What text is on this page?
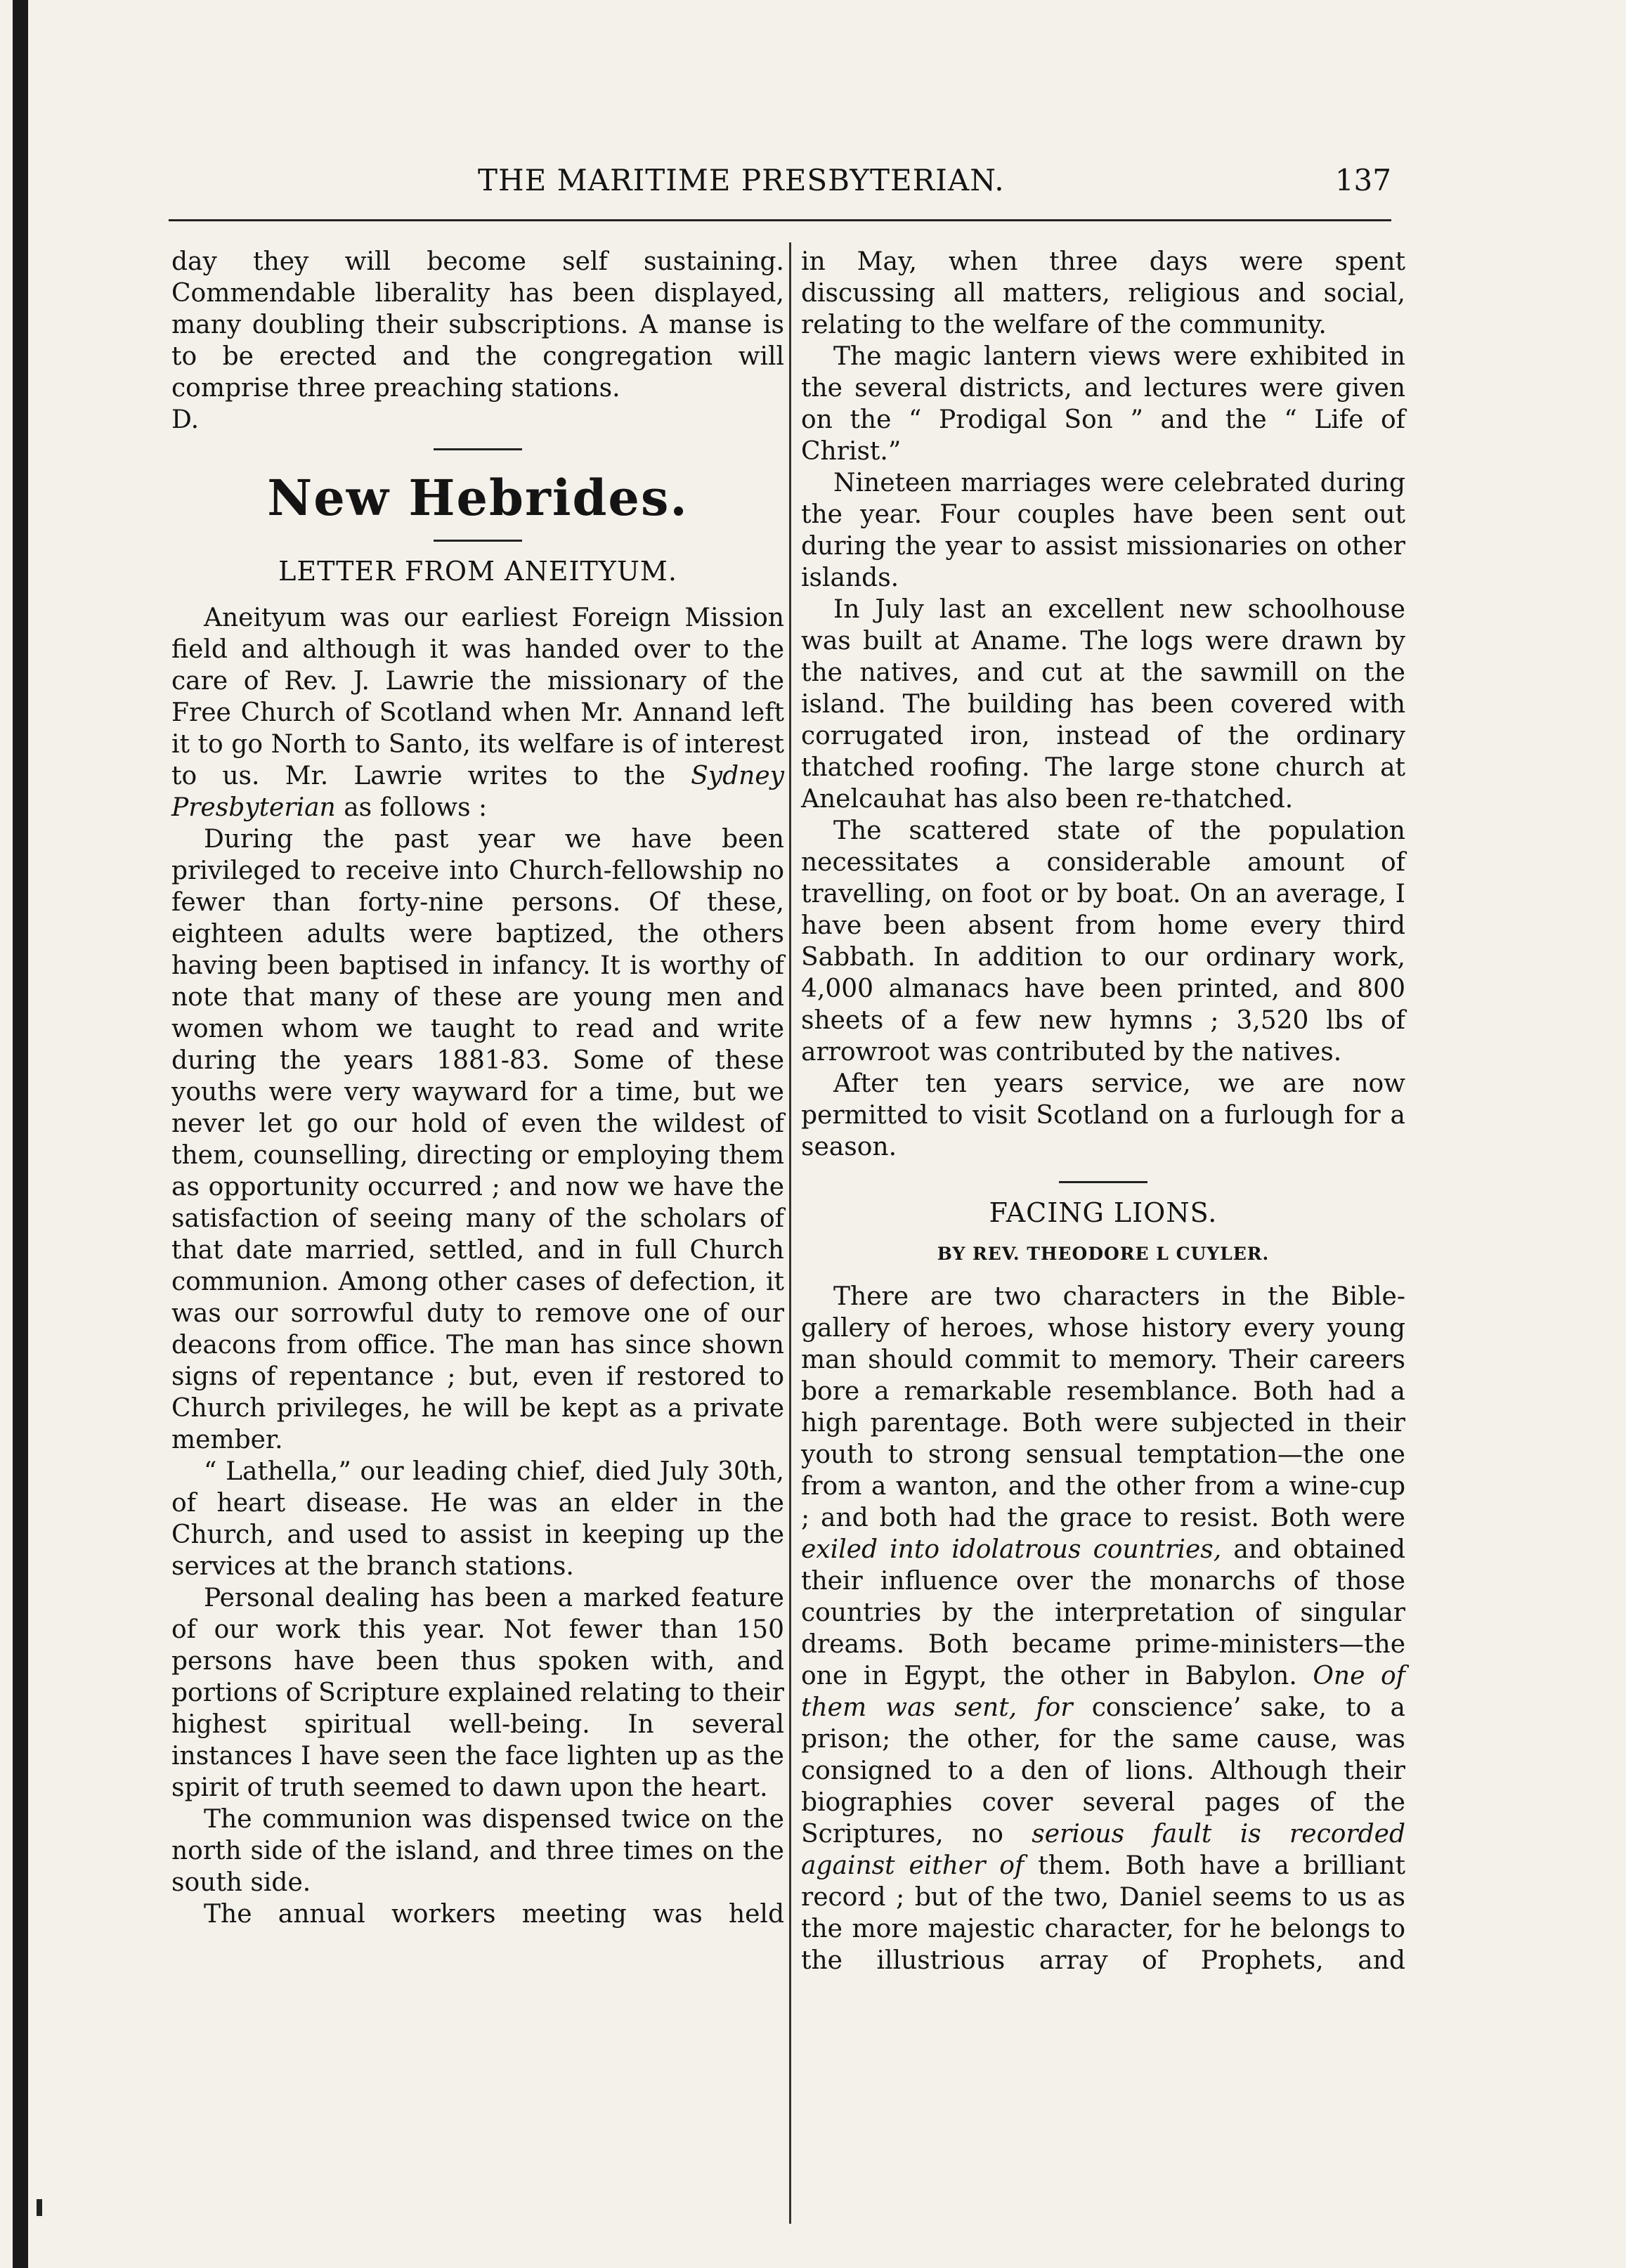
THE MARITIME PRESBYTERIAN.	137

day they will become self sustaining. Commendable liberality has been displayed, many doubling their subscriptions. A manse is to be erected and the congregation will comprise three preaching stations.

D.

New Hebrides.
LETTER FROM ANEITYUM.

Aneityum was our earliest Foreign Mission field and although it was handed over to the care of Rev. J. Lawrie the missionary of the Free Church of Scotland when Mr. Annand left it to go North to Santo, its welfare is of interest to us. Mr. Lawrie writes to the Sydney Presbyterian as follows :

During the past year we have been privileged to receive into Church-fellowship no fewer than forty-nine persons. Of these, eighteen adults were baptized, the others having been baptised in infancy. It is worthy of note that many of these are young men and women whom we taught to read and write during the years 1881-83. Some of these youths were very wayward for a time, but we never let go our hold of even the wildest of them, counselling, directing or employing them as opportunity occurred ; and now we have the satisfaction of seeing many of the scholars of that date married, settled, and in full Church communion. Among other cases of defection, it was our sorrowful duty to remove one of our deacons from office. The man has since shown signs of repentance ; but, even if restored to Church privileges, he will be kept as a private member.

“ Lathella,” our leading chief, died July 30th, of heart disease. He was an elder in the Church, and used to assist in keeping up the services at the branch stations.

Personal dealing has been a marked feature of our work this year. Not fewer than 150 persons have been thus spoken with, and portions of Scripture explained relating to their highest spiritual well-being. In several instances I have seen the face lighten up as the spirit of truth seemed to dawn upon the heart.

The communion was dispensed twice on the north side of the island, and three times on the south side.

The annual workers meeting was held

in May, when three days were spent discussing all matters, religious and social, relating to the welfare of the community.

The magic lantern views were exhibited in the several districts, and lectures were given on the “ Prodigal Son ” and the “ Life of Christ.”

Nineteen marriages were celebrated during the year. Four couples have been sent out during the year to assist missionaries on other islands.

In July last an excellent new schoolhouse was built at Aname. The logs were drawn by the natives, and cut at the sawmill on the island. The building has been covered with corrugated iron, instead of the ordinary thatched roofing. The large stone church at Anelcauhat has also been re-thatched.

The scattered state of the population necessitates a considerable amount of travelling, on foot or by boat. On an average, I have been absent from home every third Sabbath. In addition to our ordinary work, 4,000 almanacs have been printed, and 800 sheets of a few new hymns ; 3,520 lbs of arrowroot was contributed by the natives.

After ten years service, we are now permitted to visit Scotland on a furlough for a season.

FACING LIONS.
BY REV. THEODORE L CUYLER.

There are two characters in the Bible-gallery of heroes, whose history every young man should commit to memory. Their careers bore a remarkable resemblance. Both had a high parentage. Both were subjected in their youth to strong sensual temptation—the one from a wanton, and the other from a wine-cup ; and both had the grace to resist. Both were exiled into idolatrous countries, and obtained their influence over the monarchs of those countries by the interpretation of singular dreams. Both became prime-ministers—the one in Egypt, the other in Babylon. One of them was sent, for conscience’ sake, to a prison; the other, for the same cause, was consigned to a den of lions. Although their biographies cover several pages of the Scriptures, no serious fault is recorded against either of them. Both have a brilliant record ; but of the two, Daniel seems to us as the more majestic character, for he belongs to the illustrious array of Prophets, and
